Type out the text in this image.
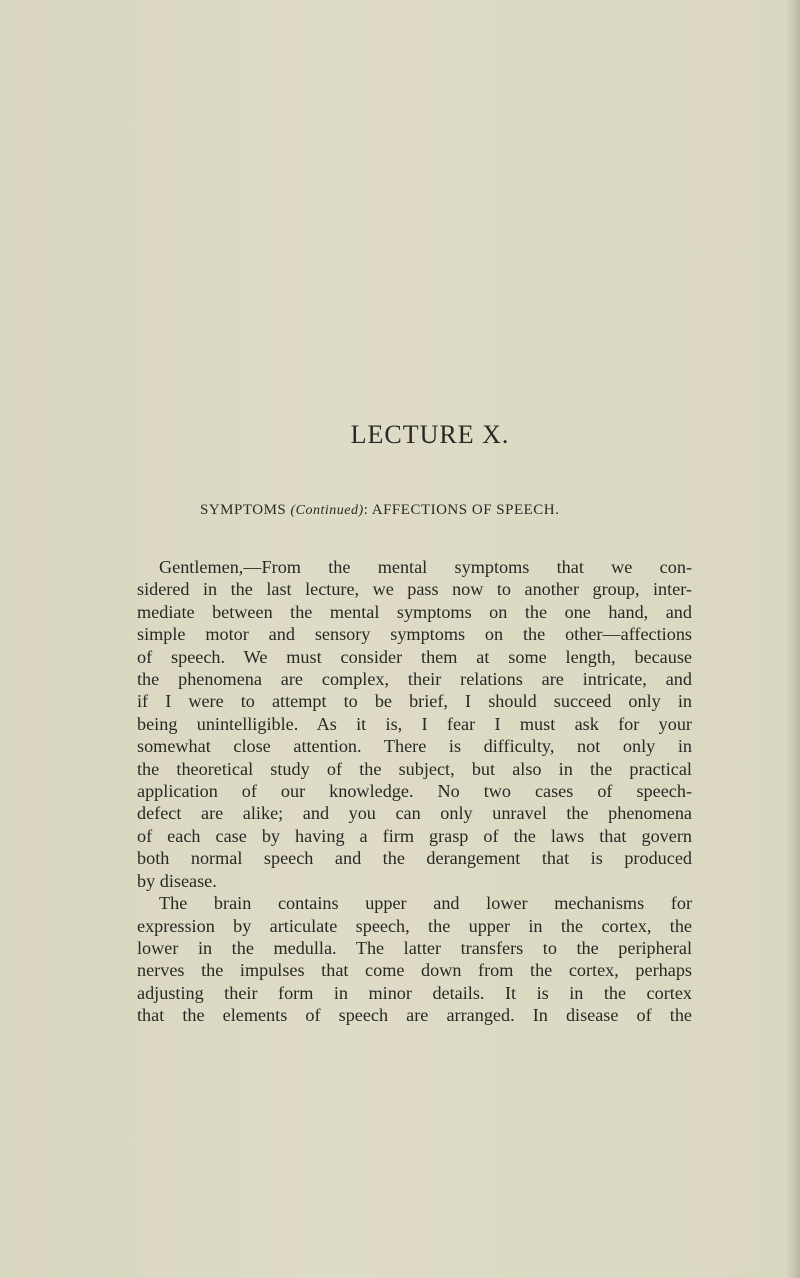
LECTURE X.
SYMPTOMS (Continued): AFFECTIONS OF SPEECH.
Gentlemen,—From the mental symptoms that we con-
sidered in the last lecture, we pass now to another group, inter-
mediate between the mental symptoms on the one hand, and
simple motor and sensory symptoms on the other—affections
of speech. We must consider them at some length, because
the phenomena are complex, their relations are intricate, and
if I were to attempt to be brief, I should succeed only in
being unintelligible. As it is, I fear I must ask for your
somewhat close attention. There is difficulty, not only in
the theoretical study of the subject, but also in the practical
application of our knowledge. No two cases of speech-
defect are alike; and you can only unravel the phenomena
of each case by having a firm grasp of the laws that govern
both normal speech and the derangement that is produced
by disease.
The brain contains upper and lower mechanisms for
expression by articulate speech, the upper in the cortex, the
lower in the medulla. The latter transfers to the peripheral
nerves the impulses that come down from the cortex, perhaps
adjusting their form in minor details. It is in the cortex
that the elements of speech are arranged. In disease of the
